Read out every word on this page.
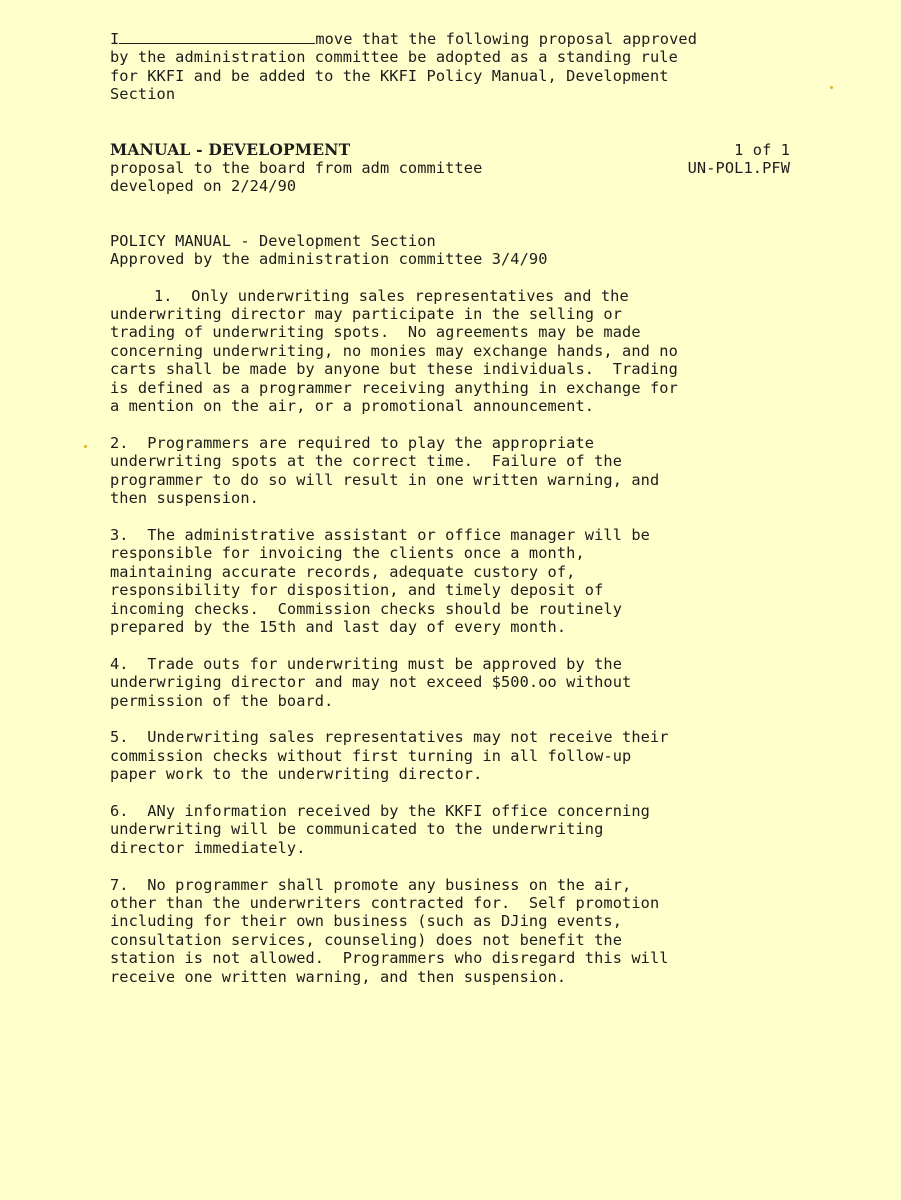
I	move that the following proposal approved
by the administration committee be adopted as a standing rule
for KKFI and be added to the KKFI Policy Manual, Development
Section
MANUAL - DEVELOPMENT	1 of 1
proposal to the board from adm committee	UN-POL1.PFW
developed on 2/24/90
POLICY MANUAL - Development Section
Approved by the administration committee 3/4/90
1.  Only underwriting sales representatives and the
underwriting director may participate in the selling or
trading of underwriting spots.  No agreements may be made
concerning underwriting, no monies may exchange hands, and no
carts shall be made by anyone but these individuals.  Trading
is defined as a programmer receiving anything in exchange for
a mention on the air, or a promotional announcement.
2.  Programmers are required to play the appropriate
underwriting spots at the correct time.  Failure of the
programmer to do so will result in one written warning, and
then suspension.
3.  The administrative assistant or office manager will be
responsible for invoicing the clients once a month,
maintaining accurate records, adequate custory of,
responsibility for disposition, and timely deposit of
incoming checks.  Commission checks should be routinely
prepared by the 15th and last day of every month.
4.  Trade outs for underwriting must be approved by the
underwriging director and may not exceed $500.oo without
permission of the board.
5.  Underwriting sales representatives may not receive their
commission checks without first turning in all follow-up
paper work to the underwriting director.
6.  ANy information received by the KKFI office concerning
underwriting will be communicated to the underwriting
director immediately.
7.  No programmer shall promote any business on the air,
other than the underwriters contracted for.  Self promotion
including for their own business (such as DJing events,
consultation services, counseling) does not benefit the
station is not allowed.  Programmers who disregard this will
receive one written warning, and then suspension.
